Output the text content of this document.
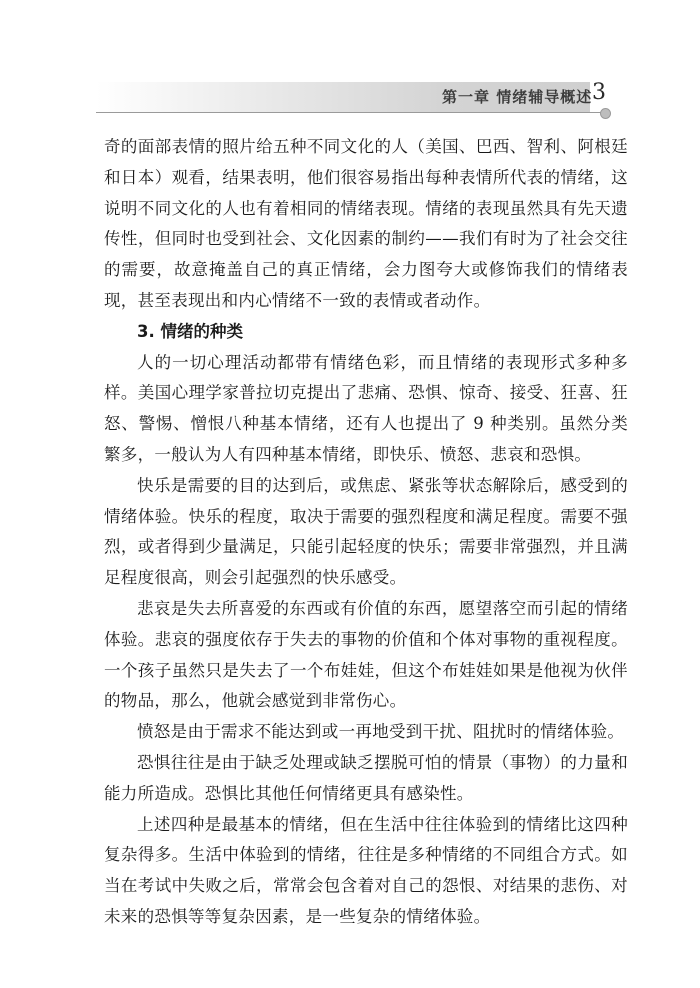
第一章 情绪辅导概述 3

奇的面部表情的照片给五种不同文化的人（美国、巴西、智利、阿根廷和日本）观看，结果表明，他们很容易指出每种表情所代表的情绪，这说明不同文化的人也有着相同的情绪表现。情绪的表现虽然具有先天遗传性，但同时也受到社会、文化因素的制约——我们有时为了社会交往的需要，故意掩盖自己的真正情绪，会力图夸大或修饰我们的情绪表现，甚至表现出和内心情绪不一致的表情或者动作。

3. 情绪的种类

人的一切心理活动都带有情绪色彩，而且情绪的表现形式多种多样。美国心理学家普拉切克提出了悲痛、恐惧、惊奇、接受、狂喜、狂怒、警惕、憎恨八种基本情绪，还有人也提出了 9 种类别。虽然分类繁多，一般认为人有四种基本情绪，即快乐、愤怒、悲哀和恐惧。

快乐是需要的目的达到后，或焦虑、紧张等状态解除后，感受到的情绪体验。快乐的程度，取决于需要的强烈程度和满足程度。需要不强烈，或者得到少量满足，只能引起轻度的快乐；需要非常强烈，并且满足程度很高，则会引起强烈的快乐感受。

悲哀是失去所喜爱的东西或有价值的东西，愿望落空而引起的情绪体验。悲哀的强度依存于失去的事物的价值和个体对事物的重视程度。一个孩子虽然只是失去了一个布娃娃，但这个布娃娃如果是他视为伙伴的物品，那么，他就会感觉到非常伤心。

愤怒是由于需求不能达到或一再地受到干扰、阻扰时的情绪体验。

恐惧往往是由于缺乏处理或缺乏摆脱可怕的情景（事物）的力量和能力所造成。恐惧比其他任何情绪更具有感染性。

上述四种是最基本的情绪，但在生活中往往体验到的情绪比这四种复杂得多。生活中体验到的情绪，往往是多种情绪的不同组合方式。如当在考试中失败之后，常常会包含着对自己的怨恨、对结果的悲伤、对未来的恐惧等等复杂因素，是一些复杂的情绪体验。
